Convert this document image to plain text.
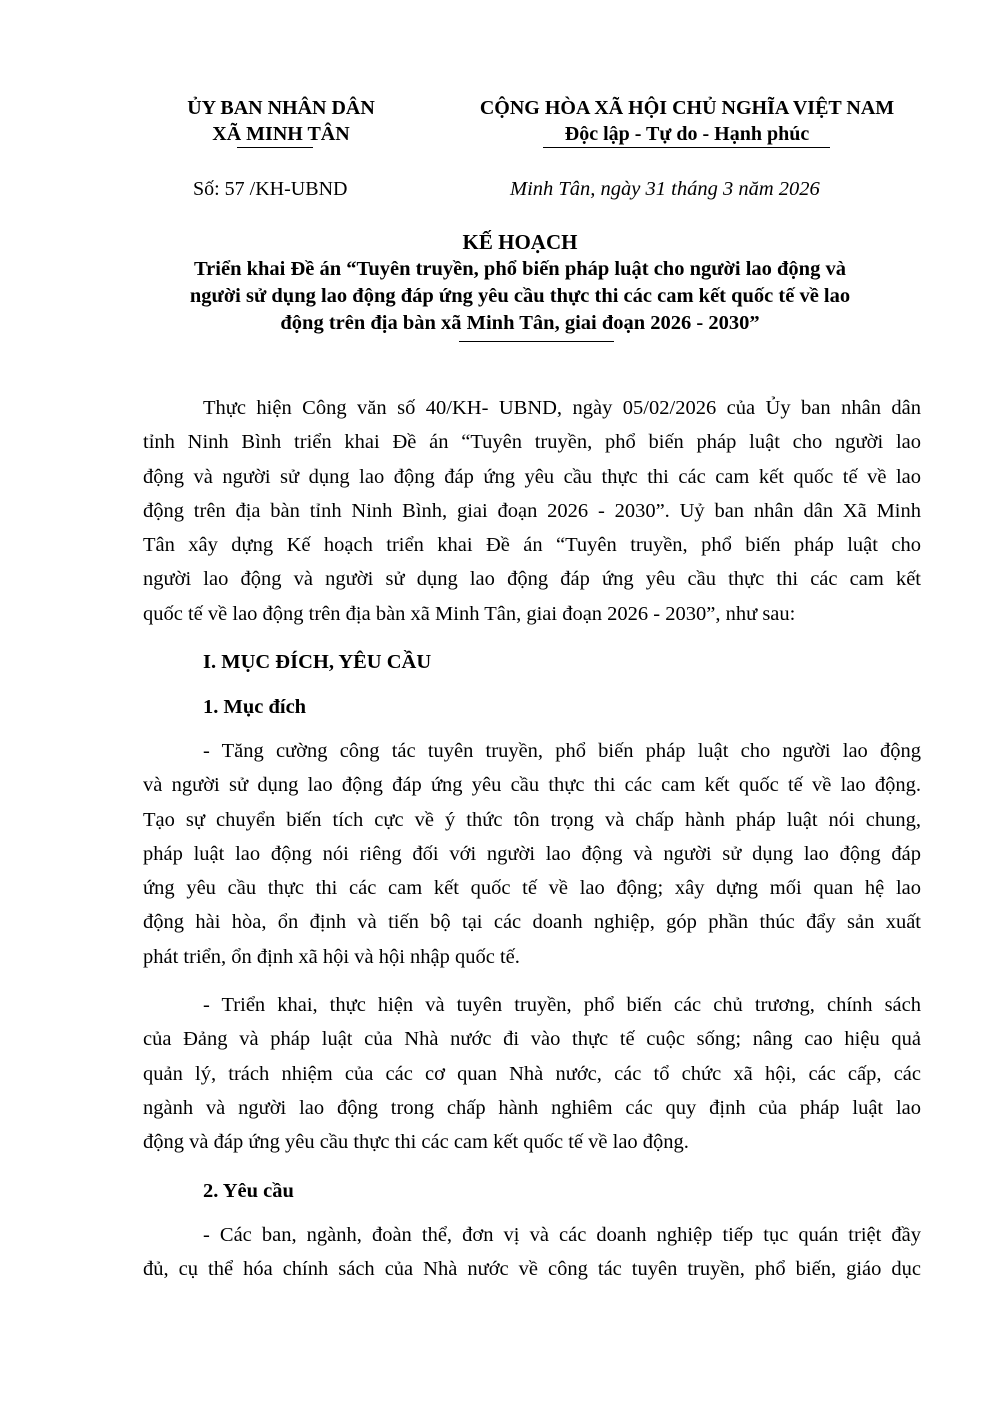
ỦY BAN NHÂN DÂN
XÃ MINH TÂN
CỘNG HÒA XÃ HỘI CHỦ NGHĨA VIỆT NAM
Độc lập - Tự do - Hạnh phúc
Số: 57 /KH-UBND	Minh Tân, ngày 31 tháng 3 năm 2026
KẾ HOẠCH
Triển khai Đề án “Tuyên truyền, phổ biến pháp luật cho người lao động và
người sử dụng lao động đáp ứng yêu cầu thực thi các cam kết quốc tế về lao
động trên địa bàn xã Minh Tân, giai đoạn 2026 - 2030”
Thực hiện Công văn số 40/KH- UBND, ngày 05/02/2026 của Ủy ban nhân dân
tỉnh Ninh Bình triển khai Đề án “Tuyên truyền, phổ biến pháp luật cho người lao
động và người sử dụng lao động đáp ứng yêu cầu thực thi các cam kết quốc tế về lao
động trên địa bàn tỉnh Ninh Bình, giai đoạn 2026 - 2030”. Uỷ ban nhân dân Xã Minh
Tân xây dựng Kế hoạch triển khai Đề án “Tuyên truyền, phổ biến pháp luật cho
người lao động và người sử dụng lao động đáp ứng yêu cầu thực thi các cam kết
quốc tế về lao động trên địa bàn xã Minh Tân, giai đoạn 2026 - 2030”, như sau:
I. MỤC ĐÍCH, YÊU CẦU
1. Mục đích
- Tăng cường công tác tuyên truyền, phổ biến pháp luật cho người lao động
và người sử dụng lao động đáp ứng yêu cầu thực thi các cam kết quốc tế về lao động.
Tạo sự chuyển biến tích cực về ý thức tôn trọng và chấp hành pháp luật nói chung,
pháp luật lao động nói riêng đối với người lao động và người sử dụng lao động đáp
ứng yêu cầu thực thi các cam kết quốc tế về lao động; xây dựng mối quan hệ lao
động hài hòa, ổn định và tiến bộ tại các doanh nghiệp, góp phần thúc đẩy sản xuất
phát triển, ổn định xã hội và hội nhập quốc tế.
- Triển khai, thực hiện và tuyên truyền, phổ biến các chủ trương, chính sách
của Đảng và pháp luật của Nhà nước đi vào thực tế cuộc sống; nâng cao hiệu quả
quản lý, trách nhiệm của các cơ quan Nhà nước, các tổ chức xã hội, các cấp, các
ngành và người lao động trong chấp hành nghiêm các quy định của pháp luật lao
động và đáp ứng yêu cầu thực thi các cam kết quốc tế về lao động.
2. Yêu cầu
- Các ban, ngành, đoàn thể, đơn vị và các doanh nghiệp tiếp tục quán triệt đầy
đủ, cụ thể hóa chính sách của Nhà nước về công tác tuyên truyền, phổ biến, giáo dục
